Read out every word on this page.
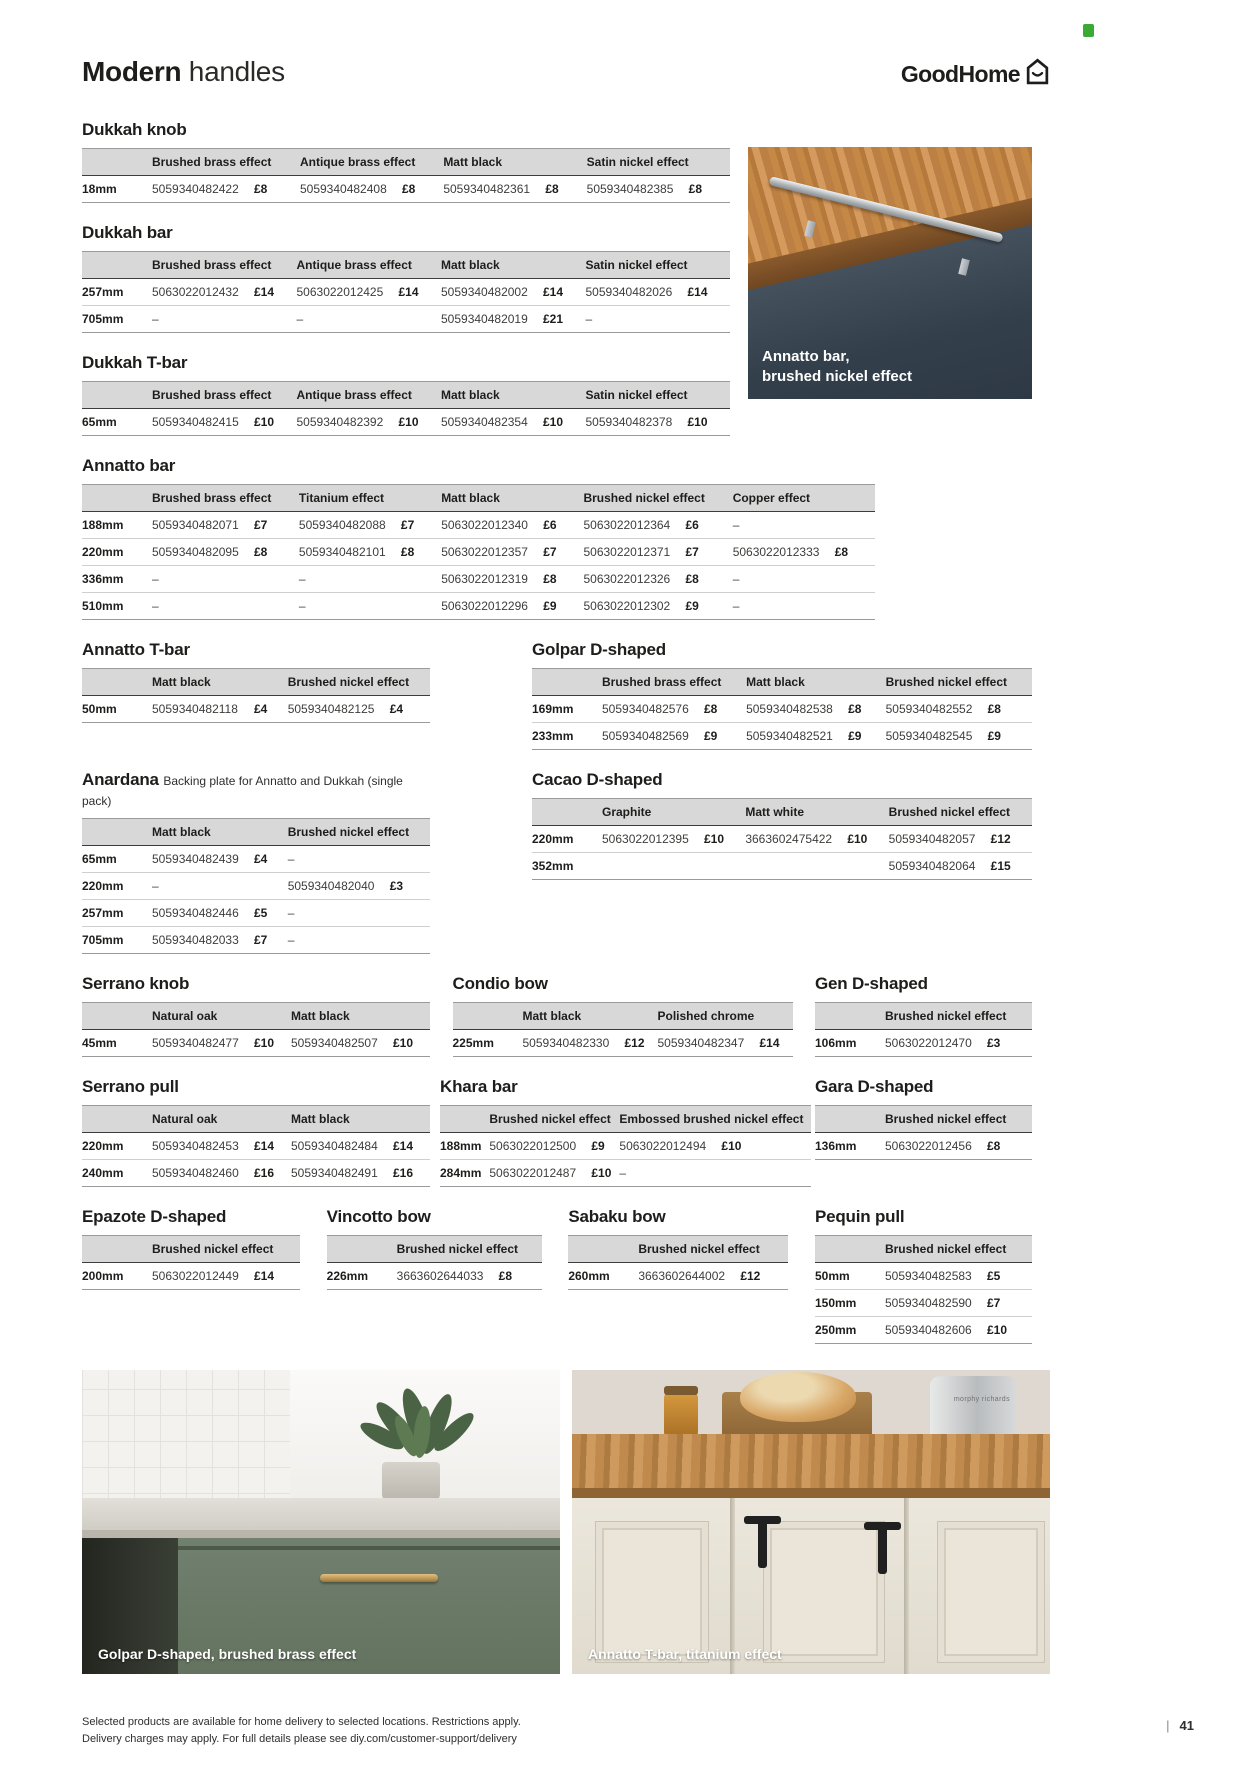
Modern handles	GoodHome
Dukkah knob
	Brushed brass effect	Antique brass effect	Matt black	Satin nickel effect
18mm	5059340482422 £8	5059340482408 £8	5059340482361 £8	5059340482385 £8
Dukkah bar
	Brushed brass effect	Antique brass effect	Matt black	Satin nickel effect
257mm	5063022012432 £14	5063022012425 £14	5059340482002 £14	5059340482026 £14
705mm	–	–	5059340482019 £21	–
Dukkah T-bar
	Brushed brass effect	Antique brass effect	Matt black	Satin nickel effect
65mm	5059340482415 £10	5059340482392 £10	5059340482354 £10	5059340482378 £10
Annatto bar,
brushed nickel effect
Annatto bar
	Brushed brass effect	Titanium effect	Matt black	Brushed nickel effect	Copper effect
188mm	5059340482071 £7	5059340482088 £7	5063022012340 £6	5063022012364 £6	–
220mm	5059340482095 £8	5059340482101 £8	5063022012357 £7	5063022012371 £7	5063022012333 £8
336mm	–	–	5063022012319 £8	5063022012326 £8	–
510mm	–	–	5063022012296 £9	5063022012302 £9	–
Annatto T-bar
	Matt black	Brushed nickel effect
50mm	5059340482118 £4	5059340482125 £4
Golpar D-shaped
	Brushed brass effect	Matt black	Brushed nickel effect
169mm	5059340482576 £8	5059340482538 £8	5059340482552 £8
233mm	5059340482569 £9	5059340482521 £9	5059340482545 £9
Anardana Backing plate for Annatto and Dukkah (single pack)
	Matt black	Brushed nickel effect
65mm	5059340482439 £4	–
220mm	–	5059340482040 £3
257mm	5059340482446 £5	–
705mm	5059340482033 £7	–
Cacao D-shaped
	Graphite	Matt white	Brushed nickel effect
220mm	5063022012395 £10	3663602475422 £10	5059340482057 £12
352mm			5059340482064 £15
Serrano knob
	Natural oak	Matt black
45mm	5059340482477 £10	5059340482507 £10
Condio bow
	Matt black	Polished chrome
225mm	5059340482330 £12	5059340482347 £14
Gen D-shaped
	Brushed nickel effect
106mm	5063022012470 £3
Serrano pull
	Natural oak	Matt black
220mm	5059340482453 £14	5059340482484 £14
240mm	5059340482460 £16	5059340482491 £16
Khara bar
	Brushed nickel effect	Embossed brushed nickel effect
188mm	5063022012500 £9	5063022012494 £10
284mm	5063022012487 £10	–
Gara D-shaped
	Brushed nickel effect
136mm	5063022012456 £8
Epazote D-shaped
	Brushed nickel effect
200mm	5063022012449 £14
Vincotto bow
	Brushed nickel effect
226mm	3663602644033 £8
Sabaku bow
	Brushed nickel effect
260mm	3663602644002 £12
Pequin pull
	Brushed nickel effect
50mm	5059340482583 £5
150mm	5059340482590 £7
250mm	5059340482606 £10
Golpar D-shaped, brushed brass effect
morphy richards
Annatto T-bar, titanium effect
Selected products are available for home delivery to selected locations. Restrictions apply.
Delivery charges may apply. For full details please see diy.com/customer-support/delivery
| 41
